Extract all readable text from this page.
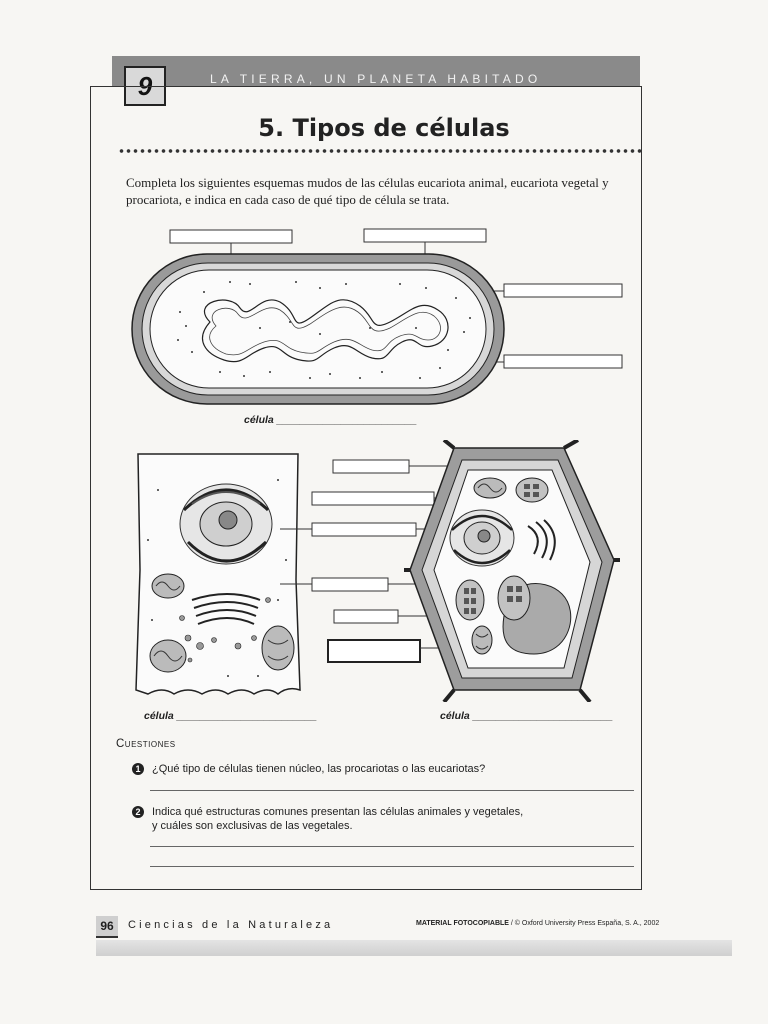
9	LA TIERRA, UN PLANETA HABITADO
5. Tipos de células
Completa los siguientes esquemas mudos de las células eucariota animal, eucariota vegetal y procariota, e indica en cada caso de qué tipo de célula se trata.
célula ________________________
célula ________________________	célula ________________________
Cuestiones
1 ¿Qué tipo de células tienen núcleo, las procariotas o las eucariotas?
2 Indica qué estructuras comunes presentan las células animales y vegetales,
y cuáles son exclusivas de las vegetales.
96	Ciencias de la Naturaleza	MATERIAL FOTOCOPIABLE / © Oxford University Press España, S. A., 2002
